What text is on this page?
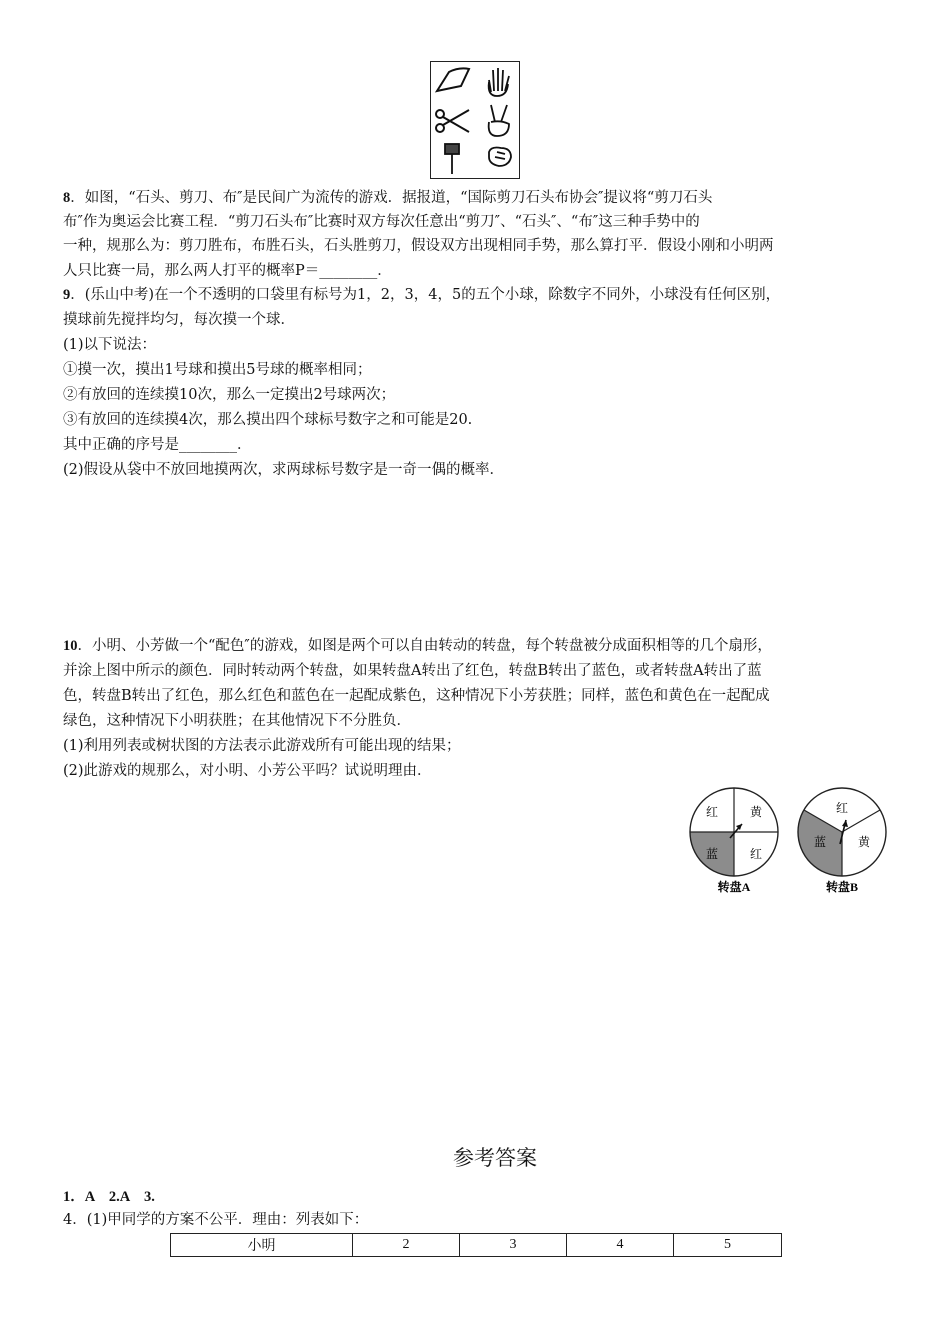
8．如图，“石头、剪刀、布″是民间广为流传的游戏．据报道，“国际剪刀石头布协会″提议将“剪刀石头
布″作为奥运会比赛工程．“剪刀石头布″比赛时双方每次任意出“剪刀″、“石头″、“布″这三种手势中的
一种，规那么为：剪刀胜布，布胜石头，石头胜剪刀，假设双方出现相同手势，那么算打平．假设小刚和小明两
人只比赛一局，那么两人打平的概率P＝________．
9．(乐山中考)在一个不透明的口袋里有标号为1，2，3，4，5的五个小球，除数字不同外，小球没有任何区别，
摸球前先搅拌均匀，每次摸一个球．
(1)以下说法：
①摸一次，摸出1号球和摸出5号球的概率相同；
②有放回的连续摸10次，那么一定摸出2号球两次；
③有放回的连续摸4次，那么摸出四个球标号数字之和可能是20.
其中正确的序号是________．
(2)假设从袋中不放回地摸两次，求两球标号数字是一奇一偶的概率．
10．小明、小芳做一个“配色″的游戏，如图是两个可以自由转动的转盘，每个转盘被分成面积相等的几个扇形，
并涂上图中所示的颜色．同时转动两个转盘，如果转盘A转出了红色，转盘B转出了蓝色，或者转盘A转出了蓝
色，转盘B转出了红色，那么红色和蓝色在一起配成紫色，这种情况下小芳获胜；同样，蓝色和黄色在一起配成
绿色，这种情况下小明获胜；在其他情况下不分胜负．
(1)利用列表或树状图的方法表示此游戏所有可能出现的结果；
(2)此游戏的规那么，对小明、小芳公平吗？试说明理由．
红	黄
蓝	红
转盘A
红
蓝	黄
转盘B
参考答案
1．A　2.A　3.
4．(1)甲同学的方案不公平．理由：列表如下：
小明	2	3	4	5
